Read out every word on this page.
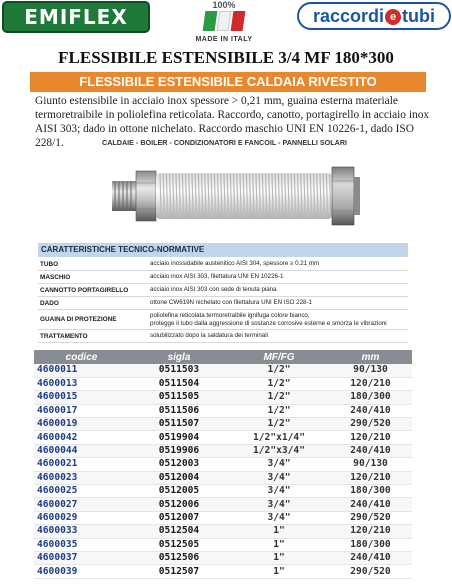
EMIFLEX	100%
MADE IN ITALY
raccordi e tubi
FLESSIBILE ESTENSIBILE 3/4 MF 180*300
FLESSIBILE ESTENSIBILE CALDAIA RIVESTITO
Giunto estensibile in acciaio inox spessore > 0,21 mm, guaina esterna materiale termoretraibile in poliolefina reticolata. Raccordo, canotto, portagirello in acciaio inox AISI 303; dado in ottone nichelato. Raccordo maschio UNI EN 10226-1, dado ISO 228/1.	CALDAIE - BOILER - CONDIZIONATORI E FANCOIL - PANNELLI SOLARI
CARATTERISTICHE TECNICO-NORMATIVE
TUBO	acciaio inossidabile austenitico AISI 304, spessore ≥ 0.21 mm
MASCHIO	acciaio inox AISI 303, filettatura UNI EN 10226-1
CANNOTTO PORTAGIRELLO	acciaio inox AISI 303 con sede di tenuta piana
DADO	ottone CW619N nichelato con filettatura UNI EN ISO 228-1
GUAINA DI PROTEZIONE
poliolefina reticolata termoretraibile ignifuga colore bianco,
protegge il tubo dalla aggressione di sostanze corrosive esterne e smorza le vibrazioni
TRATTAMENTO	solubilizzato dopo la saldatura dei terminali
codice	sigla	MF/FG	mm
4600011	0511503	1/2"	90/130
4600013	0511504	1/2"	120/210
4600015	0511505	1/2"	180/300
4600017	0511506	1/2"	240/410
4600019	0511507	1/2"	290/520
4600042	0519904	1/2"x1/4"	120/210
4600044	0519906	1/2"x3/4"	240/410
4600021	0512003	3/4"	90/130
4600023	0512004	3/4"	120/210
4600025	0512005	3/4"	180/300
4600027	0512006	3/4"	240/410
4600029	0512007	3/4"	290/520
4600033	0512504	1"	120/210
4600035	0512505	1"	180/300
4600037	0512506	1"	240/410
4600039	0512507	1"	290/520
